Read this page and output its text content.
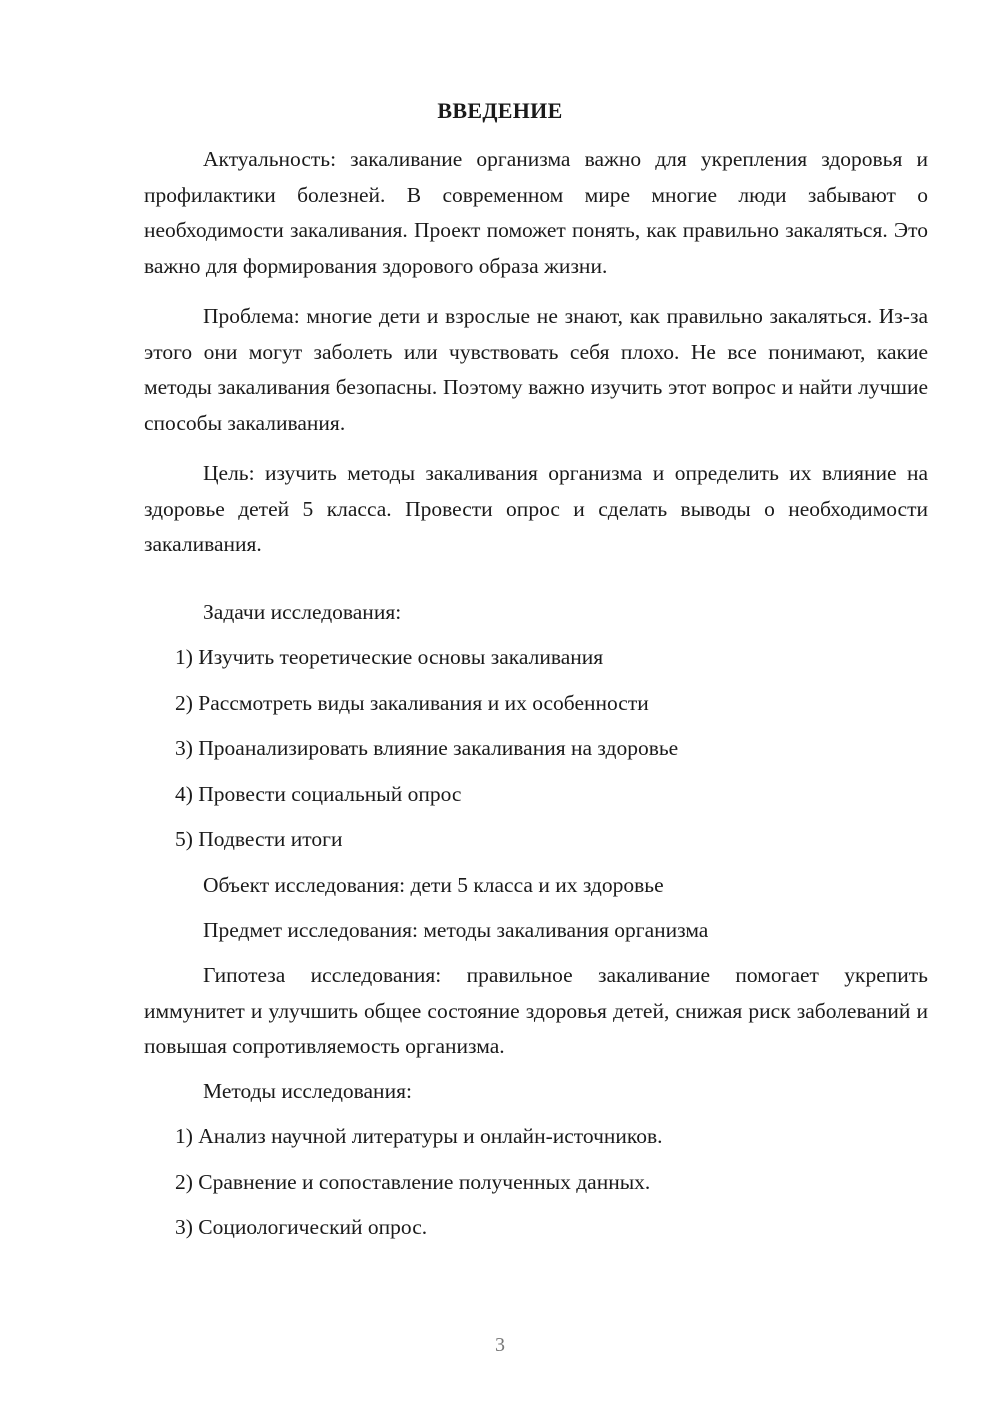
ВВЕДЕНИЕ

Актуальность: закаливание организма важно для укрепления здоровья и профилактики болезней. В современном мире многие люди забывают о необходимости закаливания. Проект поможет понять, как правильно закаляться. Это важно для формирования здорового образа жизни.

Проблема: многие дети и взрослые не знают, как правильно закаляться. Из-за этого они могут заболеть или чувствовать себя плохо. Не все понимают, какие методы закаливания безопасны. Поэтому важно изучить этот вопрос и найти лучшие способы закаливания.

Цель: изучить методы закаливания организма и определить их влияние на здоровье детей 5 класса. Провести опрос и сделать выводы о необходимости закаливания.

Задачи исследования:

1) Изучить теоретические основы закаливания

2) Рассмотреть виды закаливания и их особенности

3) Проанализировать влияние закаливания на здоровье

4) Провести социальный опрос

5) Подвести итоги

Объект исследования: дети 5 класса и их здоровье

Предмет исследования: методы закаливания организма

Гипотеза исследования: правильное закаливание помогает укрепить иммунитет и улучшить общее состояние здоровья детей, снижая риск заболеваний и повышая сопротивляемость организма.

Методы исследования:

1) Анализ научной литературы и онлайн-источников.

2) Сравнение и сопоставление полученных данных.

3) Социологический опрос.

3
